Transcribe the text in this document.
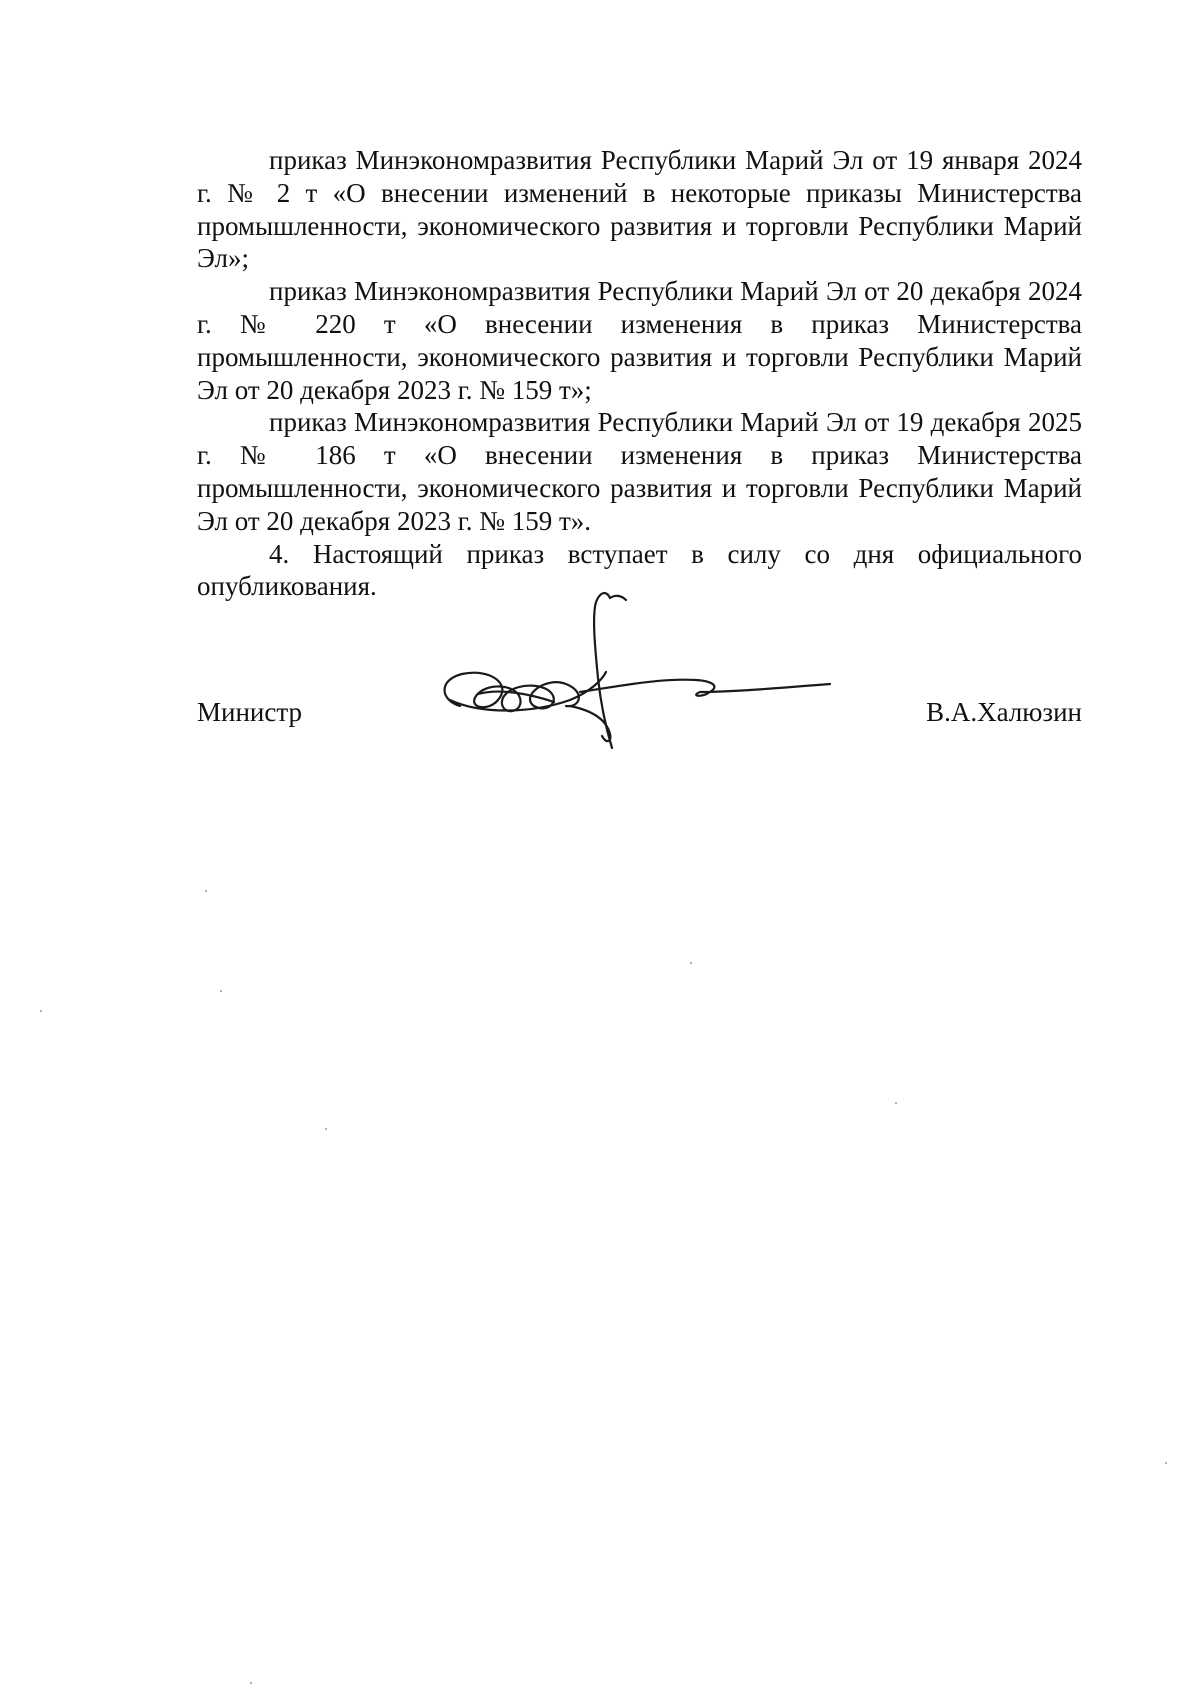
приказ Минэкономразвития Республики Марий Эл от 19 января 2024 г. № 2 т «О внесении изменений в некоторые приказы Министерства промышленности, экономического развития и торговли Республики Марий Эл»;

приказ Минэкономразвития Республики Марий Эл от 20 декабря 2024 г. № 220 т «О внесении изменения в приказ Министерства промышленности, экономического развития и торговли Республики Марий Эл от 20 декабря 2023 г. № 159 т»;

приказ Минэкономразвития Республики Марий Эл от 19 декабря 2025 г. № 186 т «О внесении изменения в приказ Министерства промышленности, экономического развития и торговли Республики Марий Эл от 20 декабря 2023 г. № 159 т».

4. Настоящий приказ вступает в силу со дня официального опубликования.

Министр	В.А.Халюзин
